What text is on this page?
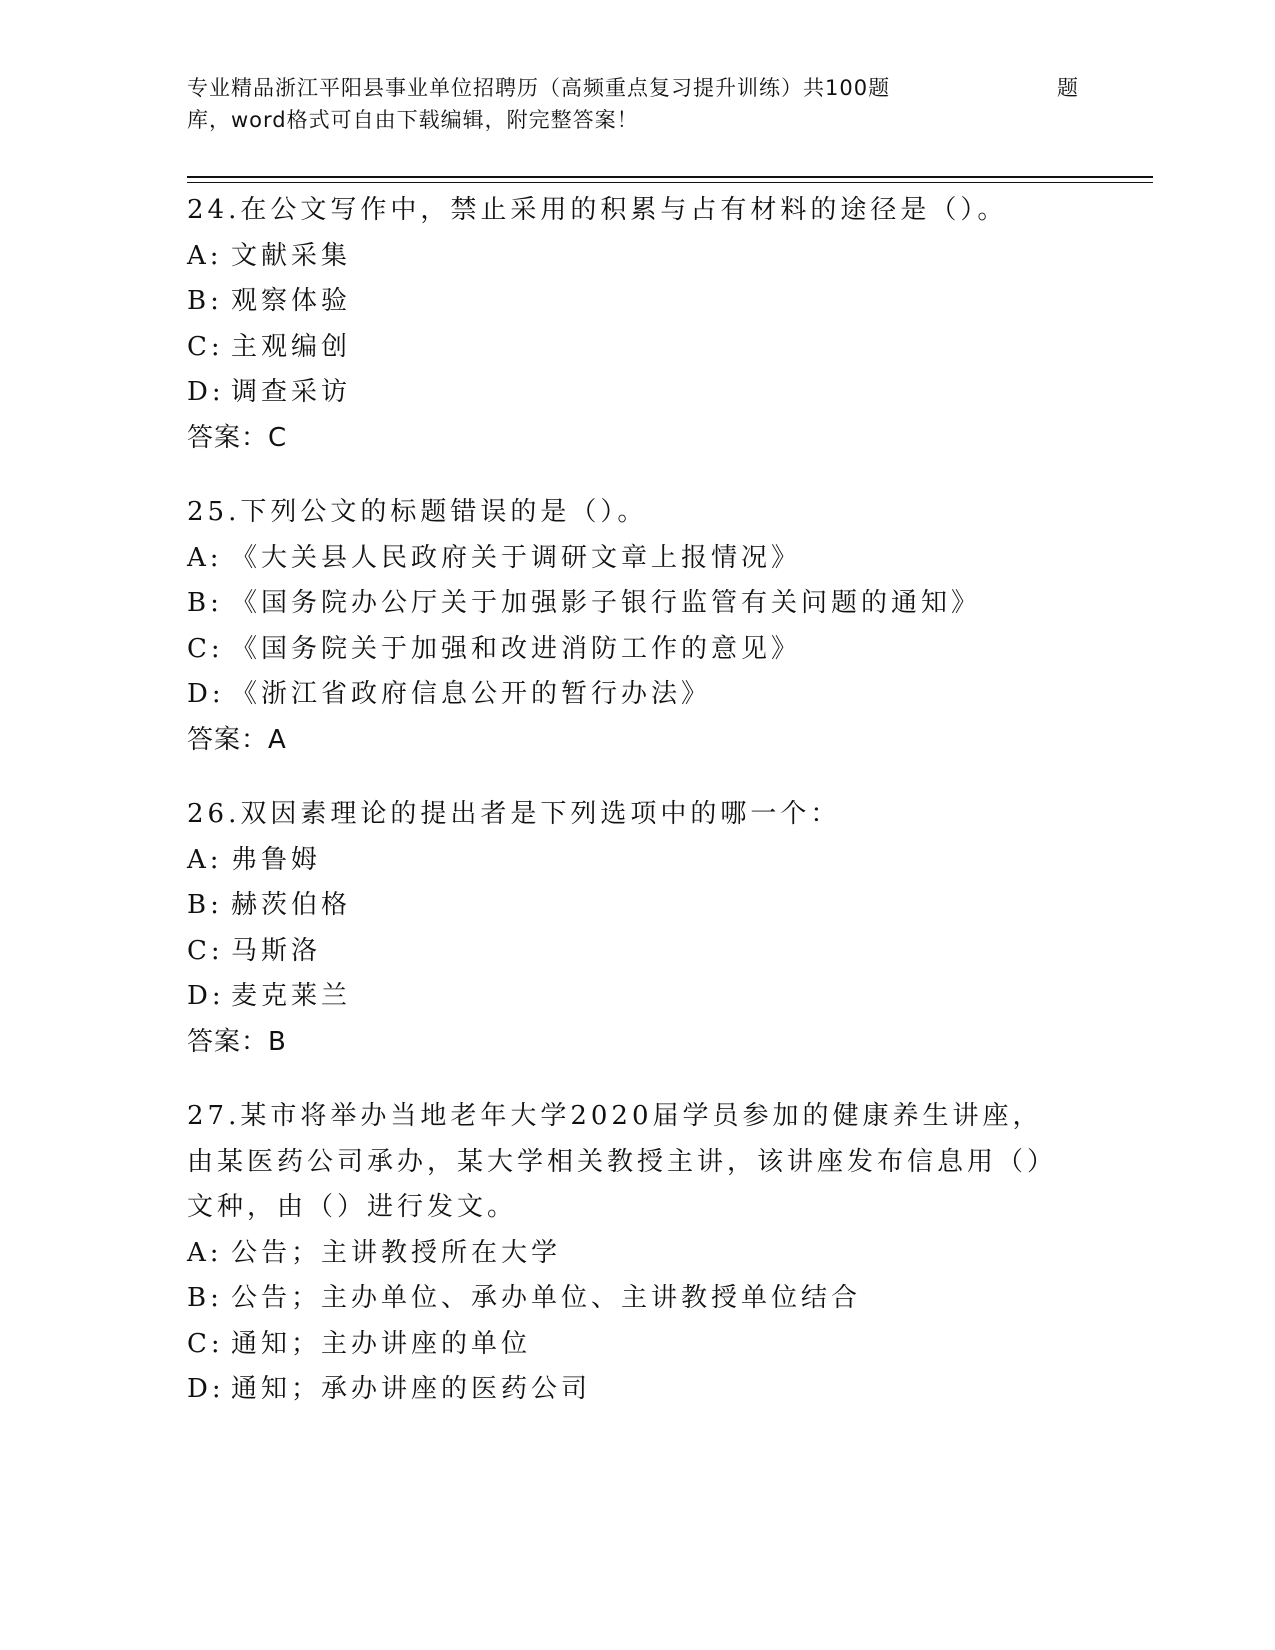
专业精品浙江平阳县事业单位招聘历（高频重点复习提升训练）共100题	题
库，word格式可自由下载编辑，附完整答案！
24.在公文写作中，禁止采用的积累与占有材料的途径是（）。
A: 文献采集
B: 观察体验
C: 主观编创
D: 调查采访
答案：C
25.下列公文的标题错误的是（）。
A: 《大关县人民政府关于调研文章上报情况》
B: 《国务院办公厅关于加强影子银行监管有关问题的通知》
C: 《国务院关于加强和改进消防工作的意见》
D: 《浙江省政府信息公开的暂行办法》
答案：A
26.双因素理论的提出者是下列选项中的哪一个：
A: 弗鲁姆
B: 赫茨伯格
C: 马斯洛
D: 麦克莱兰
答案：B
27.某市将举办当地老年大学2020届学员参加的健康养生讲座，由某医药公司承办，某大学相关教授主讲，该讲座发布信息用（）文种，由（）进行发文。
A: 公告；主讲教授所在大学
B: 公告；主办单位、承办单位、主讲教授单位结合
C: 通知；主办讲座的单位
D: 通知；承办讲座的医药公司
